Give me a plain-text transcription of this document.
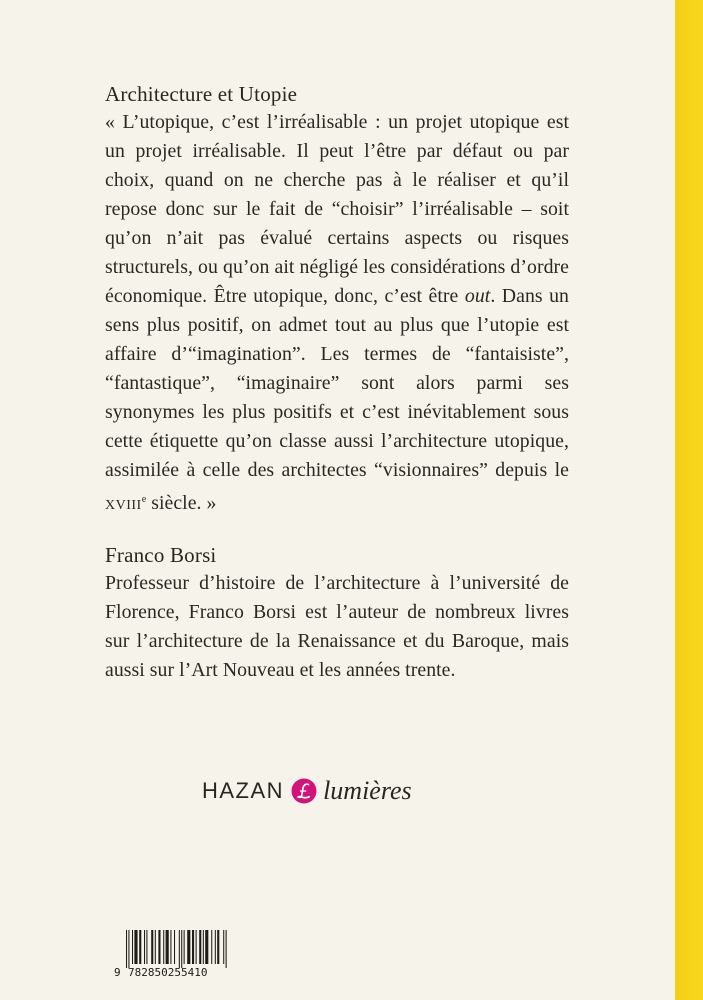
Architecture et Utopie

« L’utopique, c’est l’irréalisable : un projet utopique est un projet irréalisable. Il peut l’être par défaut ou par choix, quand on ne cherche pas à le réaliser et qu’il repose donc sur le fait de “choisir” l’irréalisable – soit qu’on n’ait pas évalué certains aspects ou risques structurels, ou qu’on ait négligé les considérations d’ordre économique. Être utopique, donc, c’est être out. Dans un sens plus positif, on admet tout au plus que l’utopie est affaire d’“imagination”. Les termes de “fantaisiste”, “fantastique”, “imaginaire” sont alors parmi ses synonymes les plus positifs et c’est inévitablement sous cette étiquette qu’on classe aussi l’architecture utopique, assimilée à celle des architectes “visionnaires” depuis le XVIIIe siècle. »

Franco Borsi

Professeur d’histoire de l’architecture à l’université de Florence, Franco Borsi est l’auteur de nombreux livres sur l’architecture de la Renaissance et du Baroque, mais aussi sur l’Art Nouveau et les années trente.

HAZAN lumières
9 782850255410
